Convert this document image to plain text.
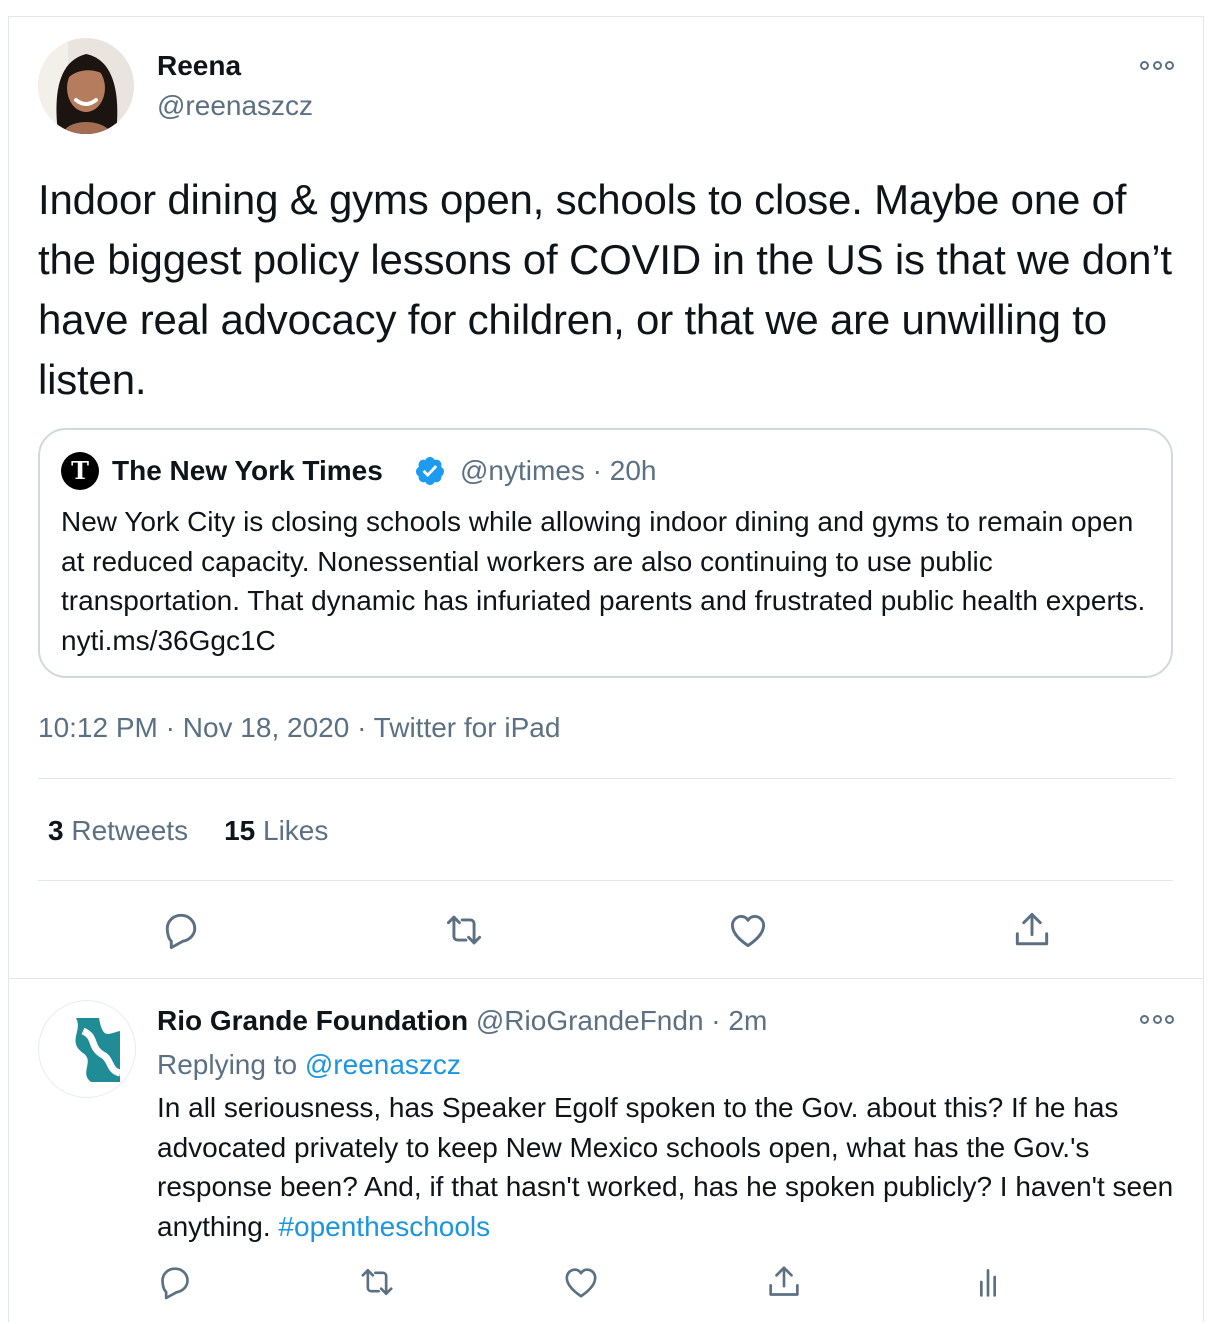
Reena
@reenaszcz
Indoor dining & gyms open, schools to close. Maybe one of the biggest policy lessons of COVID in the US is that we don’t have real advocacy for children, or that we are unwilling to listen.
T The New York Times	@nytimes · 20h
New York City is closing schools while allowing indoor dining and gyms to remain open at reduced capacity. Nonessential workers are also continuing to use public transportation. That dynamic has infuriated parents and frustrated public health experts. nyti.ms/36Ggc1C
10:12 PM · Nov 18, 2020 · Twitter for iPad
3 Retweets 15 Likes
Rio Grande Foundation @RioGrandeFndn · 2m
Replying to @reenaszcz
In all seriousness, has Speaker Egolf spoken to the Gov. about this? If he has advocated privately to keep New Mexico schools open, what has the Gov.'s response been? And, if that hasn't worked, has he spoken publicly? I haven't seen anything. #opentheschools
